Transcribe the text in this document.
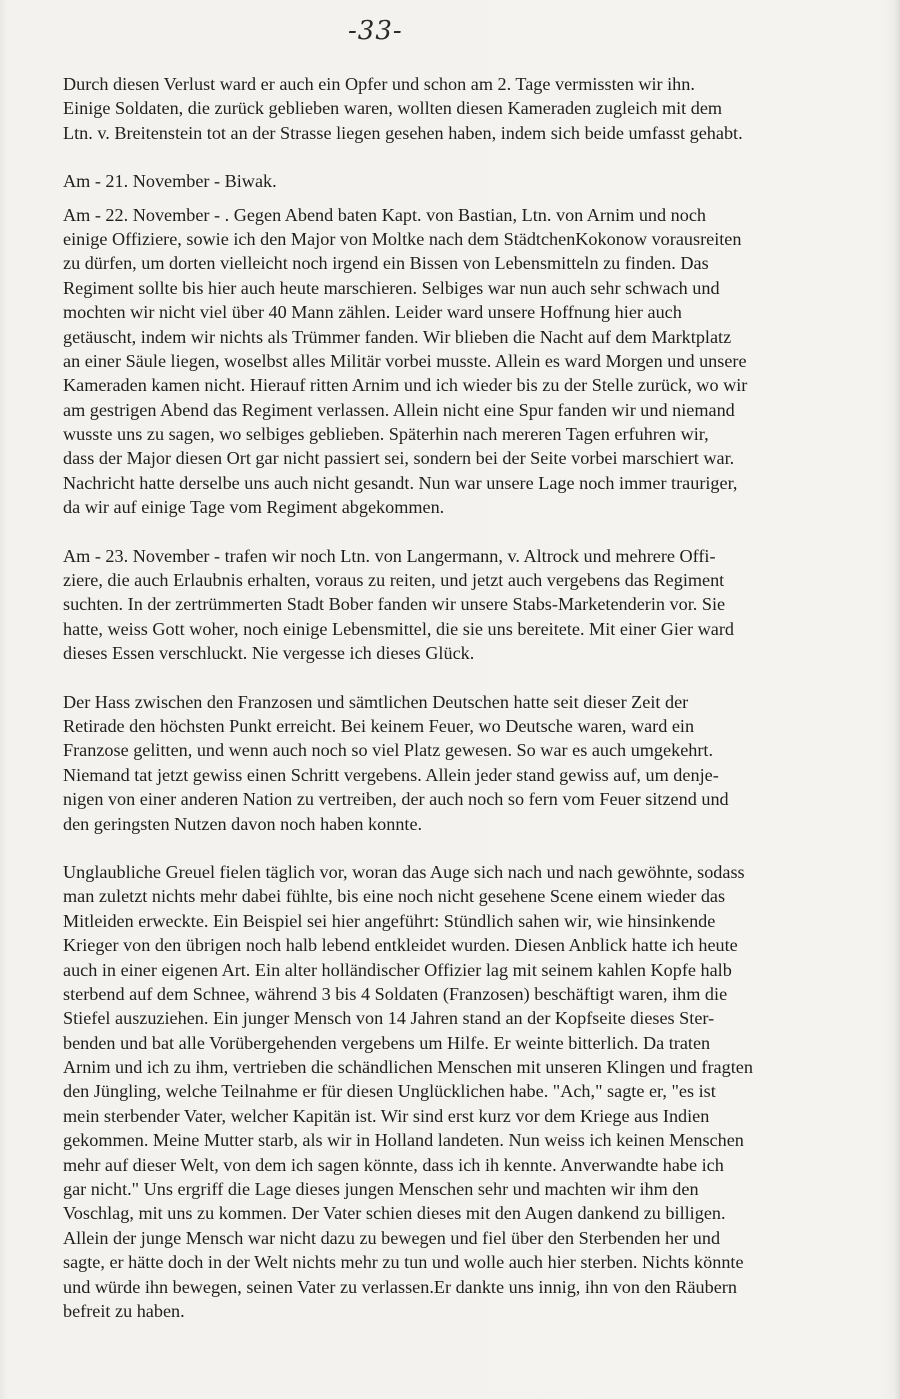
-33-
Durch diesen Verlust ward er auch ein Opfer und schon am 2. Tage vermissten wir ihn.
Einige Soldaten, die zurück geblieben waren, wollten diesen Kameraden zugleich mit dem
Ltn. v. Breitenstein tot an der Strasse liegen gesehen haben, indem sich beide umfasst gehabt.
Am - 21. November - Biwak.
Am - 22. November - . Gegen Abend baten Kapt. von Bastian, Ltn. von Arnim und noch
einige Offiziere, sowie ich den Major von Moltke nach dem StädtchenKokonow vorausreiten
zu dürfen, um dorten vielleicht noch irgend ein Bissen von Lebensmitteln zu finden. Das
Regiment sollte bis hier auch heute marschieren. Selbiges war nun auch sehr schwach und
mochten wir nicht viel über 40 Mann zählen. Leider ward unsere Hoffnung hier auch
getäuscht, indem wir nichts als Trümmer fanden. Wir blieben die Nacht auf dem Marktplatz
an einer Säule liegen, woselbst alles Militär vorbei musste. Allein es ward Morgen und unsere
Kameraden kamen nicht. Hierauf ritten Arnim und ich wieder bis zu der Stelle zurück, wo wir
am gestrigen Abend das Regiment verlassen. Allein nicht eine Spur fanden wir und niemand
wusste uns zu sagen, wo selbiges geblieben. Späterhin nach mereren Tagen erfuhren wir,
dass der Major diesen Ort gar nicht passiert sei, sondern bei der Seite vorbei marschiert war.
Nachricht hatte derselbe uns auch nicht gesandt. Nun war unsere Lage noch immer trauriger,
da wir auf einige Tage vom Regiment abgekommen.
Am - 23. November - trafen wir noch Ltn. von Langermann, v. Altrock und mehrere Offi-
ziere, die auch Erlaubnis erhalten, voraus zu reiten, und jetzt auch vergebens das Regiment
suchten. In der zertrümmerten Stadt Bober fanden wir unsere Stabs-Marketenderin vor. Sie
hatte, weiss Gott woher, noch einige Lebensmittel, die sie uns bereitete. Mit einer Gier ward
dieses Essen verschluckt. Nie vergesse ich dieses Glück.
Der Hass zwischen den Franzosen und sämtlichen Deutschen hatte seit dieser Zeit der
Retirade den höchsten Punkt erreicht. Bei keinem Feuer, wo Deutsche waren, ward ein
Franzose gelitten, und wenn auch noch so viel Platz gewesen. So war es auch umgekehrt.
Niemand tat jetzt gewiss einen Schritt vergebens. Allein jeder stand gewiss auf, um denje-
nigen von einer anderen Nation zu vertreiben, der auch noch so fern vom Feuer sitzend und
den geringsten Nutzen davon noch haben konnte.
Unglaubliche Greuel fielen täglich vor, woran das Auge sich nach und nach gewöhnte, sodass
man zuletzt nichts mehr dabei fühlte, bis eine noch nicht gesehene Scene einem wieder das
Mitleiden erweckte. Ein Beispiel sei hier angeführt: Stündlich sahen wir, wie hinsinkende
Krieger von den übrigen noch halb lebend entkleidet wurden. Diesen Anblick hatte ich heute
auch in einer eigenen Art. Ein alter holländischer Offizier lag mit seinem kahlen Kopfe halb
sterbend auf dem Schnee, während 3 bis 4 Soldaten (Franzosen) beschäftigt waren, ihm die
Stiefel auszuziehen. Ein junger Mensch von 14 Jahren stand an der Kopfseite dieses Ster-
benden und bat alle Vorübergehenden vergebens um Hilfe. Er weinte bitterlich. Da traten
Arnim und ich zu ihm, vertrieben die schändlichen Menschen mit unseren Klingen und fragten
den Jüngling, welche Teilnahme er für diesen Unglücklichen habe. "Ach," sagte er, "es ist
mein sterbender Vater, welcher Kapitän ist. Wir sind erst kurz vor dem Kriege aus Indien
gekommen. Meine Mutter starb, als wir in Holland landeten. Nun weiss ich keinen Menschen
mehr auf dieser Welt, von dem ich sagen könnte, dass ich ih kennte. Anverwandte habe ich
gar nicht." Uns ergriff die Lage dieses jungen Menschen sehr und machten wir ihm den
Voschlag, mit uns zu kommen. Der Vater schien dieses mit den Augen dankend zu billigen.
Allein der junge Mensch war nicht dazu zu bewegen und fiel über den Sterbenden her und
sagte, er hätte doch in der Welt nichts mehr zu tun und wolle auch hier sterben. Nichts könnte
und würde ihn bewegen, seinen Vater zu verlassen.Er dankte uns innig, ihn von den Räubern
befreit zu haben.
